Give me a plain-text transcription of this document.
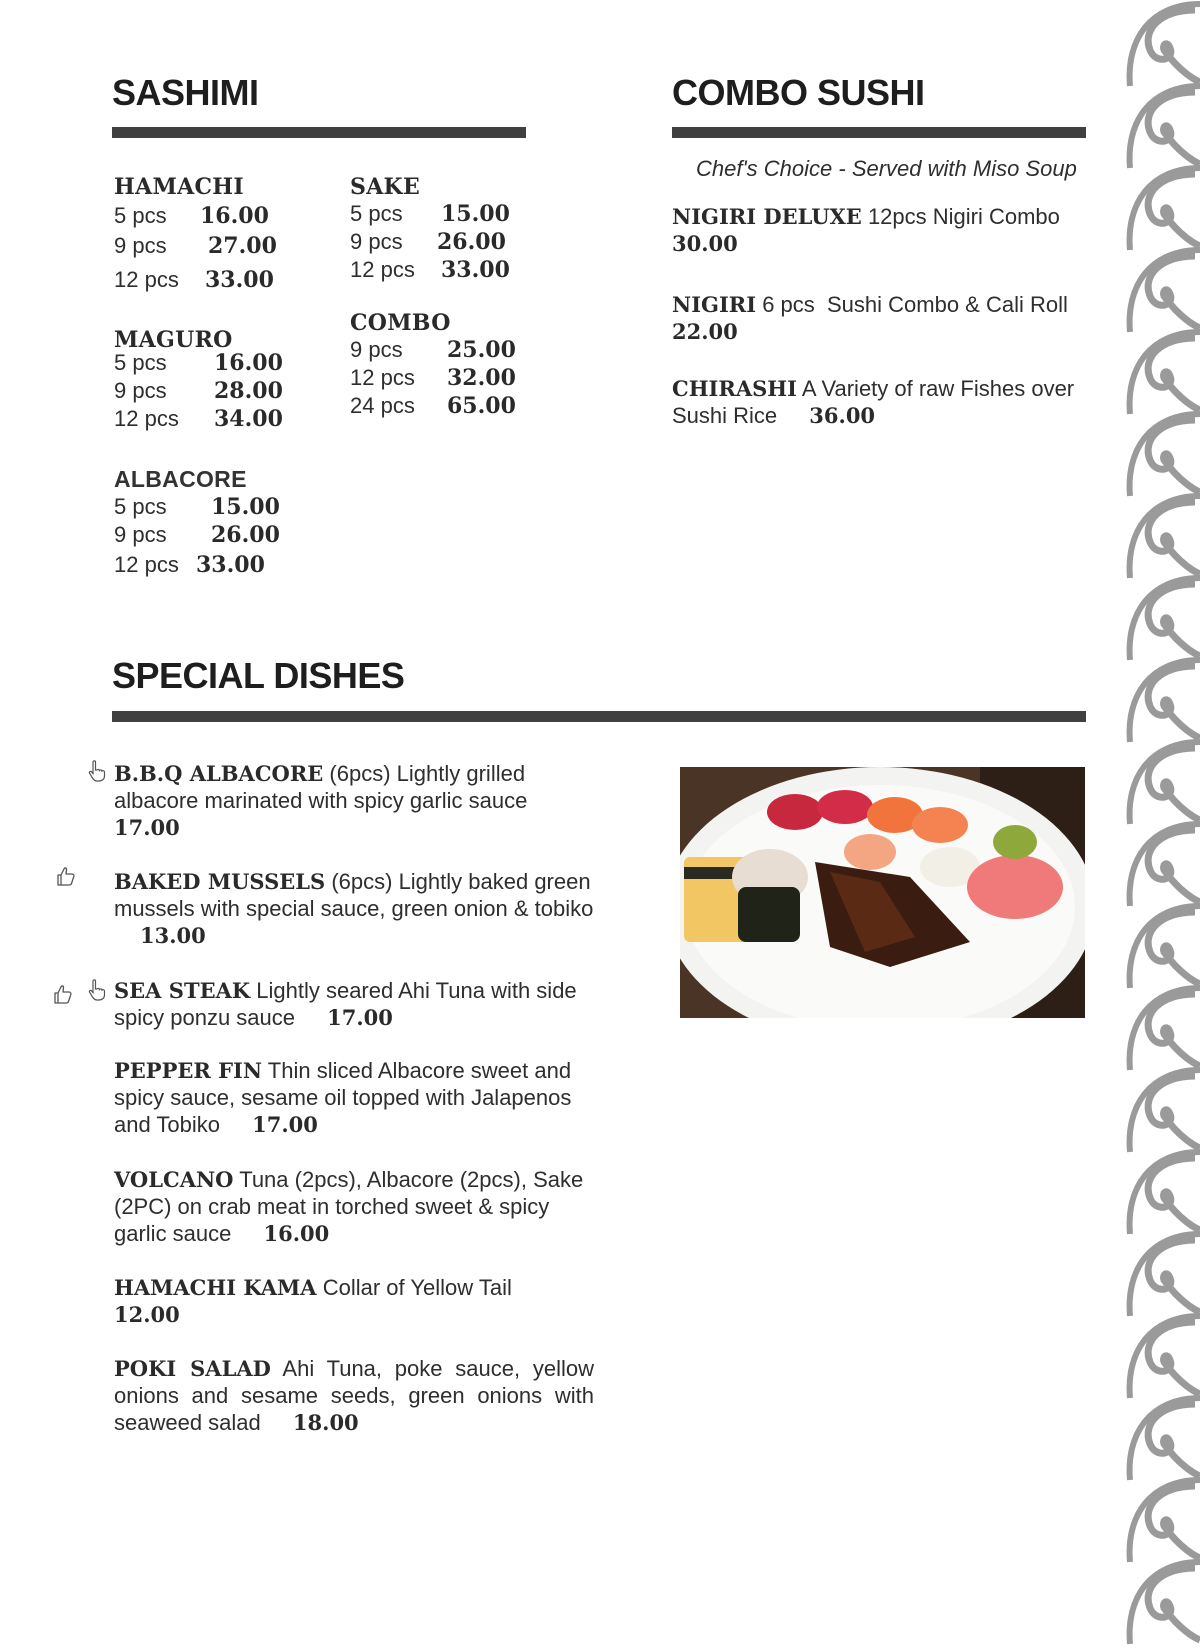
SASHIMI
HAMACHI
5 pcs	16.00
9 pcs	27.00
12 pcs	33.00
MAGURO
5 pcs	16.00
9 pcs	28.00
12 pcs	34.00
ALBACORE
5 pcs	15.00
9 pcs	26.00
12 pcs 33.00
SAKE
5 pcs	15.00
9 pcs	26.00
12 pcs	33.00
COMBO
9 pcs	25.00
12 pcs	32.00
24 pcs	65.00
COMBO SUSHI
Chef's Choice - Served with Miso Soup
NIGIRI DELUXE 12pcs Nigiri Combo
30.00
NIGIRI 6 pcs  Sushi Combo & Cali Roll
22.00
CHIRASHI A Variety of raw Fishes over Sushi Rice 36.00
SPECIAL DISHES
B.B.Q ALBACORE (6pcs) Lightly grilled albacore marinated with spicy garlic sauce
17.00
BAKED MUSSELS (6pcs) Lightly baked green mussels with special sauce, green onion & tobiko 13.00
SEA STEAK Lightly seared Ahi Tuna with side spicy ponzu sauce 17.00
PEPPER FIN Thin sliced Albacore sweet and spicy sauce, sesame oil topped with Jalapenos and Tobiko 17.00
VOLCANO Tuna (2pcs), Albacore (2pcs), Sake (2PC) on crab meat in torched sweet & spicy garlic sauce 16.00
HAMACHI KAMA Collar of Yellow Tail
12.00
POKI SALAD Ahi Tuna, poke sauce, yellow onions and sesame seeds, green onions with seaweed salad 18.00
